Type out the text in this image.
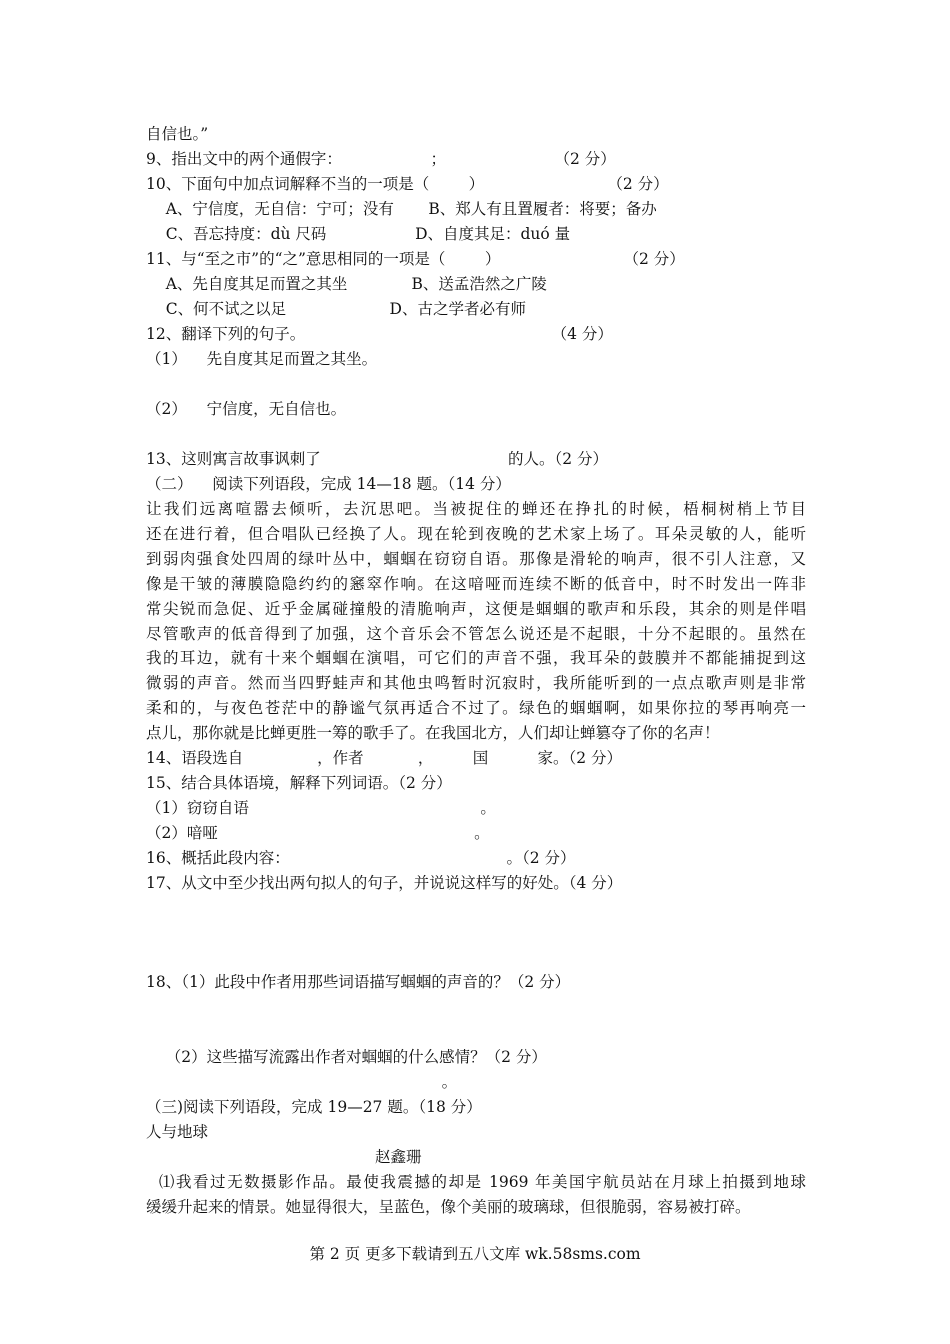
自信也。”
9、指出文中的两个通假字：                  ；                      （2 分）
10、下面句中加点词解释不当的一项是（        ）                         （2 分）
A、宁信度，无自信：宁可；没有       B、郑人有且置履者：将要；备办
C、吾忘持度：dù 尺码                  D、自度其足：duó 量
11、与“至之市”的“之”意思相同的一项是（        ）                         （2 分）
A、先自度其足而置之其坐             B、送孟浩然之广陵
C、何不试之以足                     D、古之学者必有师
12、翻译下列的句子。                                                  （4 分）
（1）    先自度其足而置之其坐。
（2）    宁信度，无自信也。
13、这则寓言故事讽刺了                                      的人。（2 分）
（二）    阅读下列语段，完成 14—18 题。（14 分）
让我们远离喧嚣去倾听，去沉思吧。当被捉住的蝉还在挣扎的时候，梧桐树梢上节目
还在进行着，但合唱队已经换了人。现在轮到夜晚的艺术家上场了。耳朵灵敏的人，能听
到弱肉强食处四周的绿叶丛中，蝈蝈在窃窃自语。那像是滑轮的响声，很不引人注意，又
像是干皱的薄膜隐隐约约的窸窣作响。在这喑哑而连续不断的低音中，时不时发出一阵非
常尖锐而急促、近乎金属碰撞般的清脆响声，这便是蝈蝈的歌声和乐段，其余的则是伴唱
尽管歌声的低音得到了加强，这个音乐会不管怎么说还是不起眼，十分不起眼的。虽然在
我的耳边，就有十来个蝈蝈在演唱，可它们的声音不强，我耳朵的鼓膜并不都能捕捉到这
微弱的声音。然而当四野蛙声和其他虫鸣暂时沉寂时，我所能听到的一点点歌声则是非常
柔和的，与夜色苍茫中的静谧气氛再适合不过了。绿色的蝈蝈啊，如果你拉的琴再响亮一
点儿，那你就是比蝉更胜一筹的歌手了。在我国北方，人们却让蝉篡夺了你的名声！
14、语段选自               ，作者           ，        国          家。（2 分）
15、结合具体语境，解释下列词语。（2 分）
（1）窃窃自语                                               。
（2）喑哑                                                    。
16、概括此段内容：                                            。（2 分）
17、从文中至少找出两句拟人的句子，并说说这样写的好处。（4 分）
18、（1）此段中作者用那些词语描写蝈蝈的声音的？（2 分）
（2）这些描写流露出作者对蝈蝈的什么感情？（2 分）
。
（三)阅读下列语段，完成 19—27 题。（18 分）
人与地球
赵鑫珊
⑴我看过无数摄影作品。最使我震撼的却是 1969 年美国宇航员站在月球上拍摄到地球
缓缓升起来的情景。她显得很大，呈蓝色，像个美丽的玻璃球，但很脆弱，容易被打碎。
第 2 页 更多下载请到五八文库 wk.58sms.com
